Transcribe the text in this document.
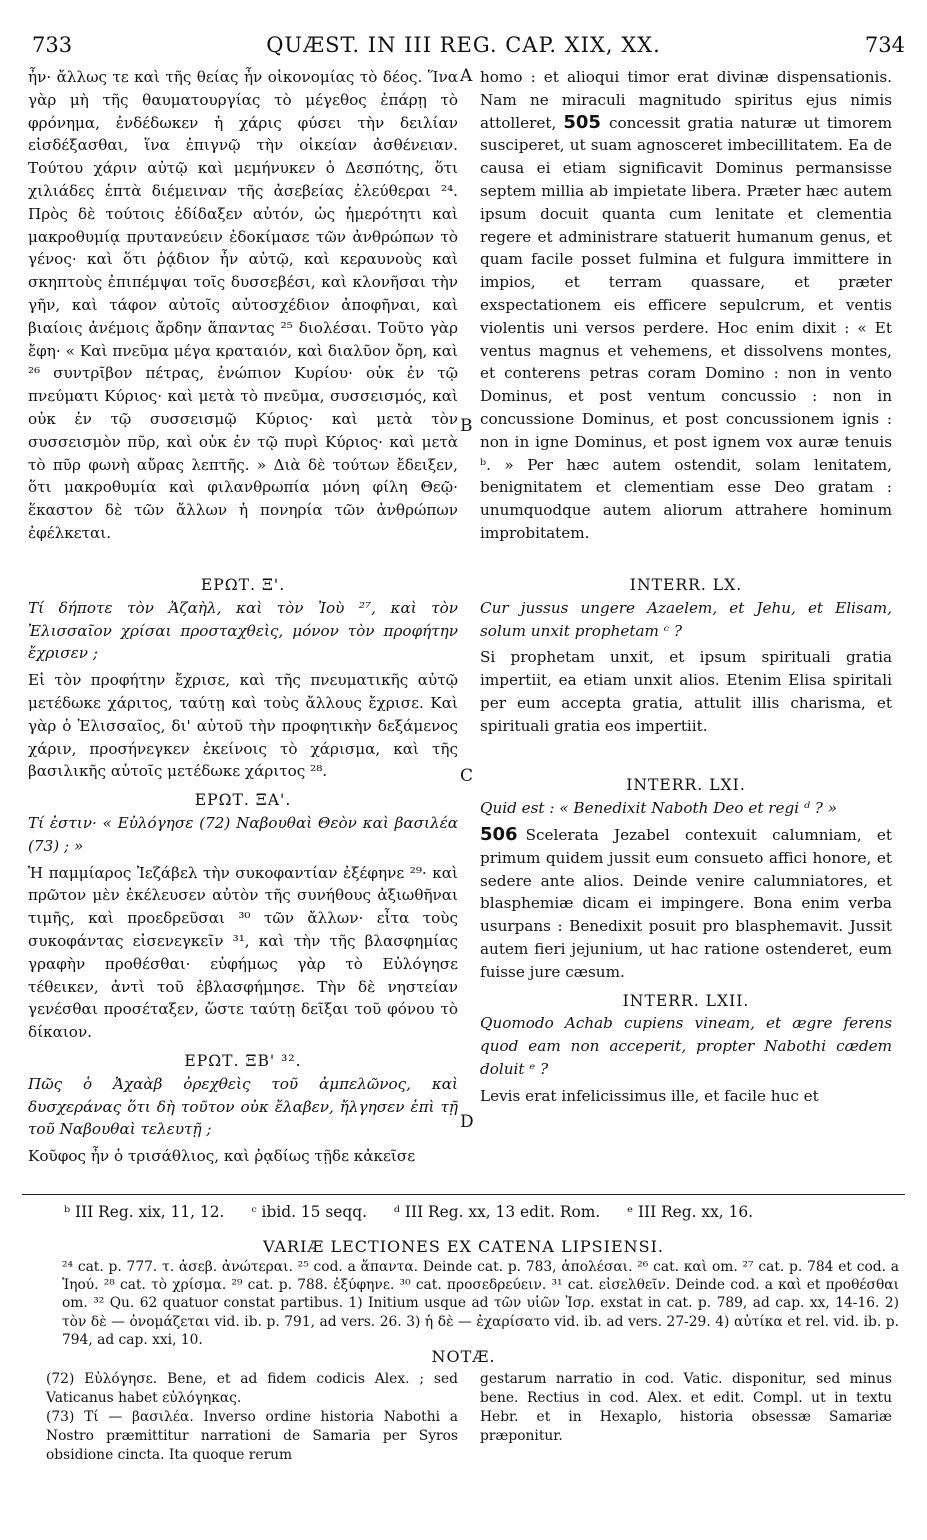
733	QUÆST. IN III REG. CAP. XIX, XX.	734

ἦν· ἄλλως τε καὶ τῆς θείας ἦν οἰκονομίας τὸ δέος. Ἵνα γὰρ μὴ τῆς θαυματουργίας τὸ μέγεθος ἐπάρῃ τὸ φρόνημα, ἐνδέδωκεν ἡ χάρις φύσει τὴν δειλίαν εἰσδέξασθαι, ἵνα ἐπιγνῷ τὴν οἰκείαν ἀσθένειαν. Τούτου χάριν αὐτῷ καὶ μεμήνυκεν ὁ Δεσπότης, ὅτι χιλιάδες ἑπτὰ διέμειναν τῆς ἀσεβείας ἐλεύθεραι ²⁴. Πρὸς δὲ τούτοις ἐδίδαξεν αὐτόν, ὡς ἡμερότητι καὶ μακροθυμίᾳ πρυτανεύειν ἐδοκίμασε τῶν ἀνθρώπων τὸ γένος· καὶ ὅτι ῥᾴδιον ἦν αὐτῷ, καὶ κεραυνοὺς καὶ σκηπτοὺς ἐπιπέμψαι τοῖς δυσσεβέσι, καὶ κλονῆσαι τὴν γῆν, καὶ τάφον αὐτοῖς αὐτοσχέδιον ἀποφῆναι, καὶ βιαίοις ἀνέμοις ἄρδην ἅπαντας ²⁵ διολέσαι. Τοῦτο γὰρ ἔφη· « Καὶ πνεῦμα μέγα κραταιόν, καὶ διαλῦον ὄρη, καὶ ²⁶ συντρῖβον πέτρας, ἐνώπιον Κυρίου· οὐκ ἐν τῷ πνεύματι Κύριος· καὶ μετὰ τὸ πνεῦμα, συσσεισμός, καὶ οὐκ ἐν τῷ συσσεισμῷ Κύριος· καὶ μετὰ τὸν συσσεισμὸν πῦρ, καὶ οὐκ ἐν τῷ πυρὶ Κύριος· καὶ μετὰ τὸ πῦρ φωνὴ αὔρας λεπτῆς. » Διὰ δὲ τούτων ἔδειξεν, ὅτι μακροθυμία καὶ φιλανθρωπία μόνη φίλη Θεῷ· ἕκαστον δὲ τῶν ἄλλων ἡ πονηρία τῶν ἀνθρώπων ἐφέλκεται.

ΕΡΩΤ. Ξ'.

Τί δήποτε τὸν Ἀζαὴλ, καὶ τὸν Ἰοὺ ²⁷, καὶ τὸν Ἐλισσαῖον χρίσαι προσταχθεὶς, μόνον τὸν προφήτην ἔχρισεν ;

Εἰ τὸν προφήτην ἔχρισε, καὶ τῆς πνευματικῆς αὐτῷ μετέδωκε χάριτος, ταύτῃ καὶ τοὺς ἄλλους ἔχρισε. Καὶ γὰρ ὁ Ἐλισσαῖος, δι' αὐτοῦ τὴν προφητικὴν δεξάμενος χάριν, προσήνεγκεν ἐκείνοις τὸ χάρισμα, καὶ τῆς βασιλικῆς αὐτοῖς μετέδωκε χάριτος ²⁸.

ΕΡΩΤ. ΞΑ'.

Τί ἐστιν· « Εὐλόγησε (72) Ναβουθαὶ Θεὸν καὶ βασιλέα (73) ; »

Ἡ παμμίαρος Ἰεζάβελ τὴν συκοφαντίαν ἐξέφηνε ²⁹· καὶ πρῶτον μὲν ἐκέλευσεν αὐτὸν τῆς συνήθους ἀξιωθῆναι τιμῆς, καὶ προεδρεῦσαι ³⁰ τῶν ἄλλων· εἶτα τοὺς συκοφάντας εἰσενεγκεῖν ³¹, καὶ τὴν τῆς βλασφημίας γραφὴν προθέσθαι· εὐφήμως γὰρ τὸ Εὐλόγησε τέθεικεν, ἀντὶ τοῦ ἐβλασφήμησε. Τὴν δὲ νηστείαν γενέσθαι προσέταξεν, ὥστε ταύτῃ δεῖξαι τοῦ φόνου τὸ δίκαιον.

ΕΡΩΤ. ΞΒ' ³².

Πῶς ὁ Ἀχαὰβ ὀρεχθεὶς τοῦ ἀμπελῶνος, καὶ δυσχεράνας ὅτι δὴ τοῦτον οὐκ ἔλαβεν, ἤλγησεν ἐπὶ τῇ τοῦ Ναβουθαὶ τελευτῇ ;

Κοῦφος ἦν ὁ τρισάθλιος, καὶ ῥᾳδίως τῇδε κἀκεῖσε

A
B
C
D

homo : et alioqui timor erat divinæ dispensationis. Nam ne miraculi magnitudo spiritus ejus nimis attolleret, 505 concessit gratia naturæ ut timorem susciperet, ut suam agnosceret imbecillitatem. Ea de causa ei etiam significavit Dominus permansisse septem millia ab impietate libera. Præter hæc autem ipsum docuit quanta cum lenitate et clementia regere et administrare statuerit humanum genus, et quam facile posset fulmina et fulgura immittere in impios, et terram quassare, et præter exspectationem eis efficere sepulcrum, et ventis violentis uni versos perdere. Hoc enim dixit : « Et ventus magnus et vehemens, et dissolvens montes, et conterens petras coram Domino : non in vento Dominus, et post ventum concussio : non in concussione Dominus, et post concussionem ignis : non in igne Dominus, et post ignem vox auræ tenuis ᵇ. » Per hæc autem ostendit, solam lenitatem, benignitatem et clementiam esse Deo gratam : unumquodque autem aliorum attrahere hominum improbitatem.

INTERR. LX.

Cur jussus ungere Azaelem, et Jehu, et Elisam, solum unxit prophetam ᶜ ?

Si prophetam unxit, et ipsum spirituali gratia impertiit, ea etiam unxit alios. Etenim Elisa spiritali per eum accepta gratia, attulit illis charisma, et spirituali gratia eos impertiit.

INTERR. LXI.

Quid est : « Benedixit Naboth Deo et regi ᵈ ? »

506 Scelerata Jezabel contexuit calumniam, et primum quidem jussit eum consueto affici honore, et sedere ante alios. Deinde venire calumniatores, et blasphemiæ dicam ei impingere. Bona enim verba usurpans : Benedixit posuit pro blasphemavit. Jussit autem fieri jejunium, ut hac ratione ostenderet, eum fuisse jure cæsum.

INTERR. LXII.

Quomodo Achab cupiens vineam, et ægre ferens quod eam non acceperit, propter Nabothi cædem doluit ᵉ ?

Levis erat infelicissimus ille, et facile huc et

ᵇ III Reg. xix, 11, 12. ᶜ ibid. 15 seqq. ᵈ III Reg. xx, 13 edit. Rom. ᵉ III Reg. xx, 16.
VARIÆ LECTIONES EX CATENA LIPSIENSI.

²⁴ cat. p. 777. τ. ἀσεβ. ἀνώτεραι. ²⁵ cod. a ἅπαντα. Deinde cat. p. 783, ἀπολέσαι. ²⁶ cat. καὶ om. ²⁷ cat. p. 784 et cod. a Ἰηού. ²⁸ cat. τὸ χρίσμα. ²⁹ cat. p. 788. ἐξύφηνε. ³⁰ cat. προσεδρεύειν. ³¹ cat. εἰσελθεῖν. Deinde cod. a καὶ et προθέσθαι om. ³² Qu. 62 quatuor constat partibus. 1) Initium usque ad τῶν υἱῶν Ἰσρ. exstat in cat. p. 789, ad cap. xx, 14-16. 2) τὸν δὲ — ὀνομάζεται vid. ib. p. 791, ad vers. 26. 3) ἡ δὲ — ἐχαρίσατο vid. ib. ad vers. 27-29. 4) αὐτίκα et rel. vid. ib. p. 794, ad cap. xxi, 10.

NOTÆ.

(72) Εὐλόγησε. Bene, et ad fidem codicis Alex. ; sed Vaticanus habet εὐλόγηκας.

(73) Τί — βασιλέα. Inverso ordine historia Nabothi a Nostro præmittitur narrationi de Samaria per Syros obsidione cincta. Ita quoque rerum

gestarum narratio in cod. Vatic. disponitur, sed minus bene. Rectius in cod. Alex. et edit. Compl. ut in textu Hebr. et in Hexaplo, historia obsessæ Samariæ præponitur.
